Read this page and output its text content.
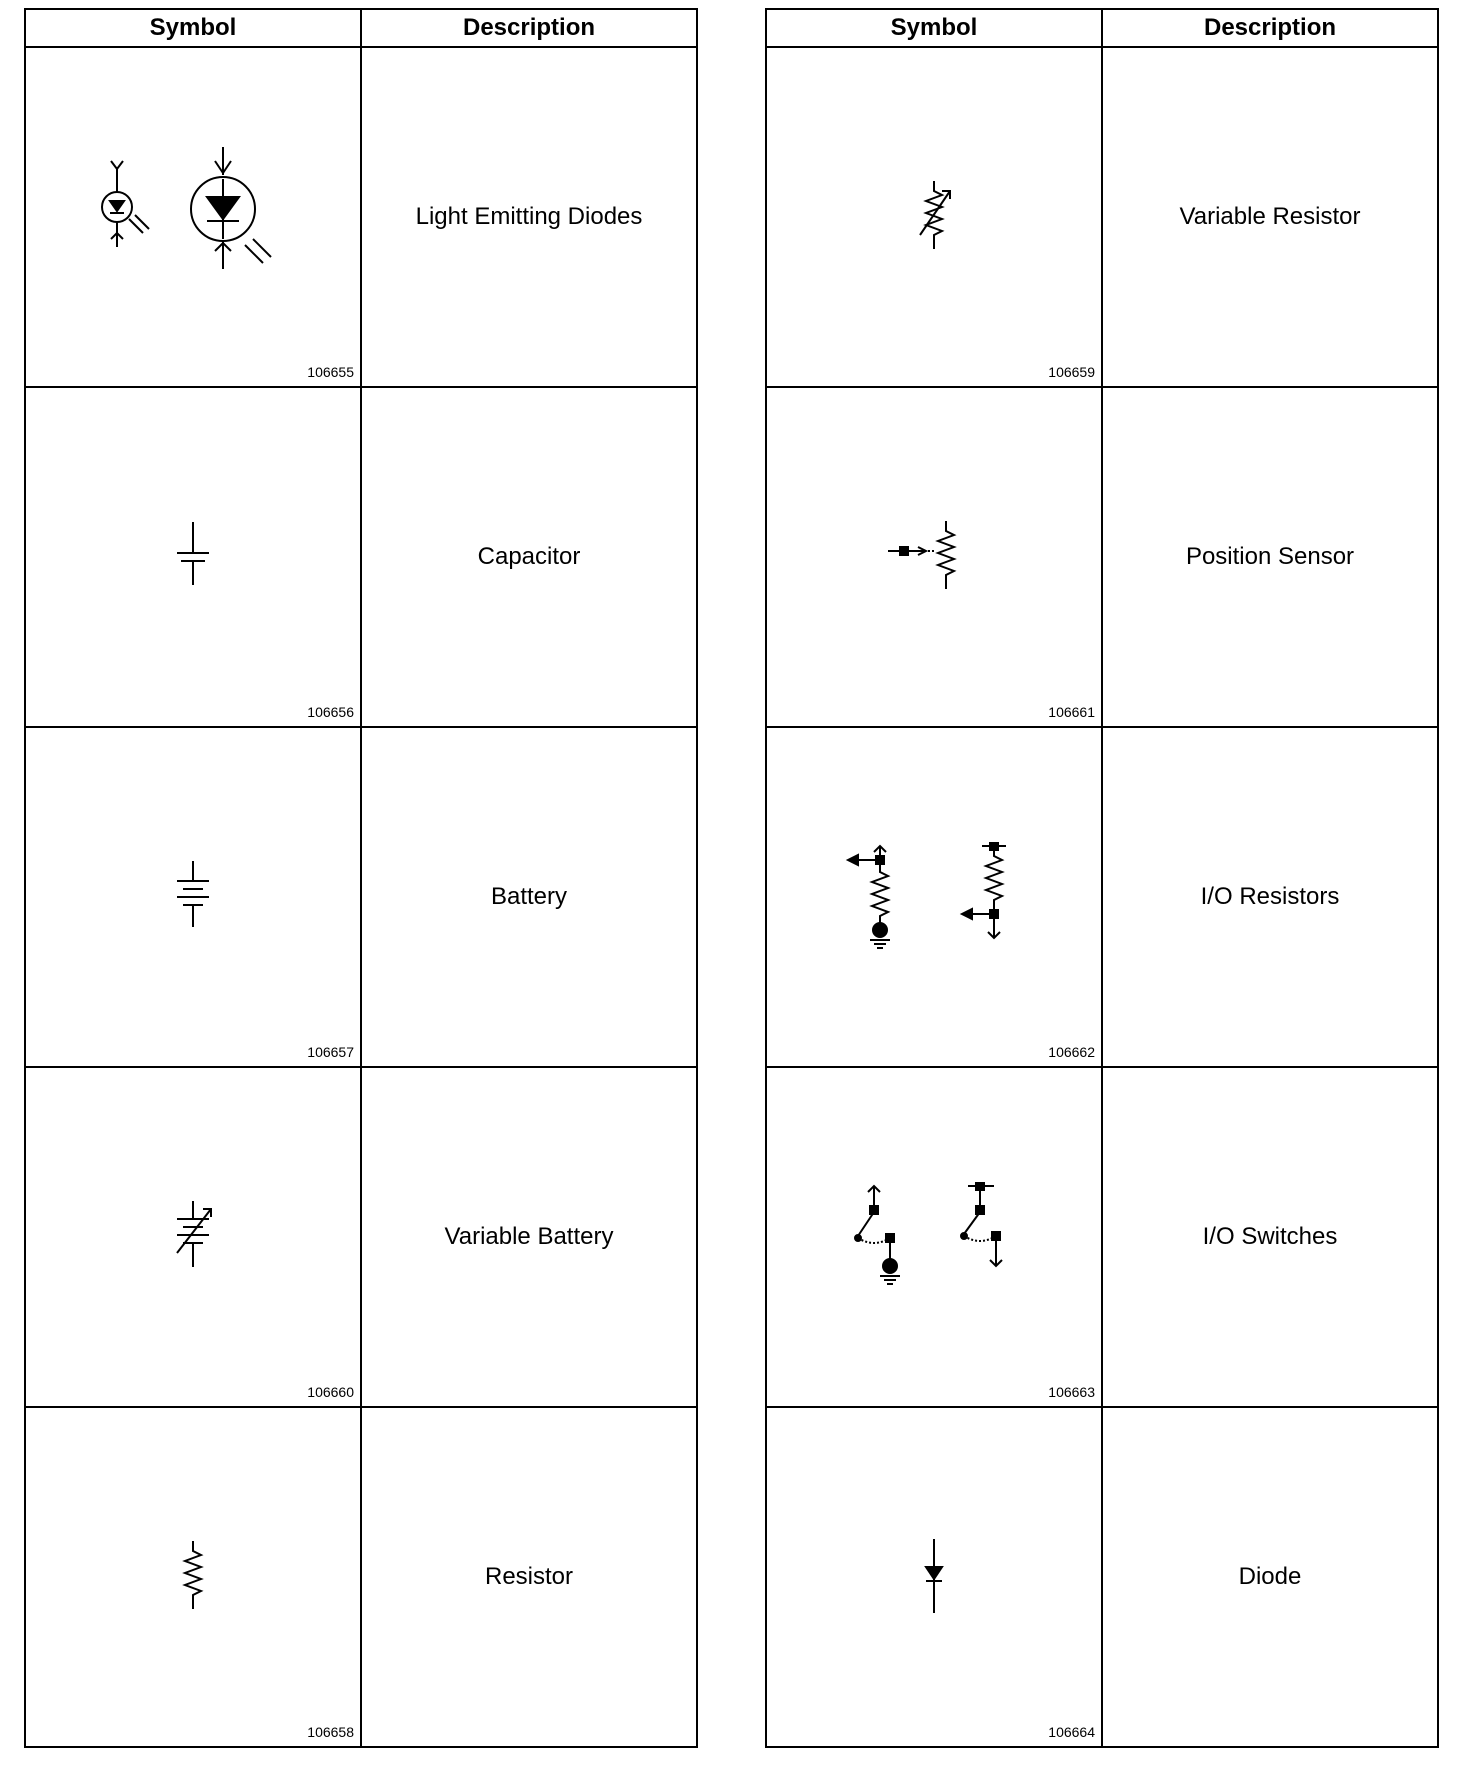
Symbol	Description

106655	Light Emitting Diodes

106656	Capacitor

106657	Battery

106660	Variable Battery

106658	Resistor
Symbol	Description

106659	Variable Resistor

106661	Position Sensor

106662	I/O Resistors

106663	I/O Switches

106664	Diode
